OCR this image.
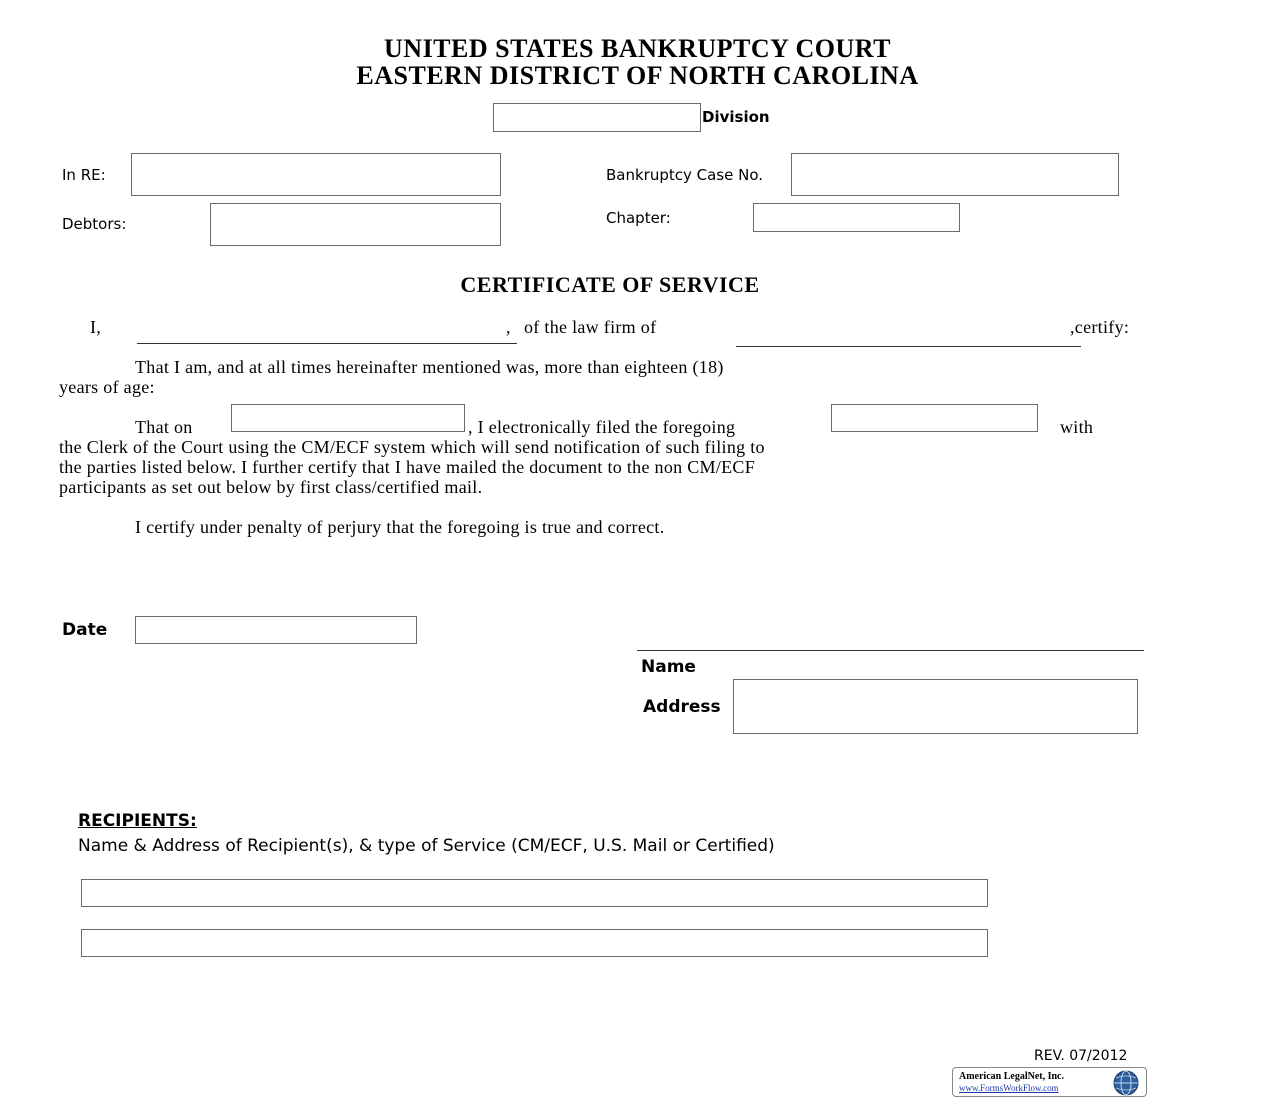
UNITED STATES BANKRUPTCY COURT
EASTERN DISTRICT OF NORTH CAROLINA
Division
In RE:
Debtors:
Bankruptcy Case No.
Chapter:
CERTIFICATE OF SERVICE
I,	, of the law firm of	,certify:
That I am, and at all times hereinafter mentioned was, more than eighteen (18)
years of age:
That on	, I electronically filed the foregoing	with
the Clerk of the Court using the CM/ECF system which will send notification of such filing to
the parties listed below. I further certify that I have mailed the document to the non CM/ECF
participants as set out below by first class/certified mail.
I certify under penalty of perjury that the foregoing is true and correct.
Date
Name
Address
RECIPIENTS:
Name & Address of Recipient(s), & type of Service (CM/ECF, U.S. Mail or Certified)
REV. 07/2012
American LegalNet, Inc.
www.FormsWorkFlow.com
